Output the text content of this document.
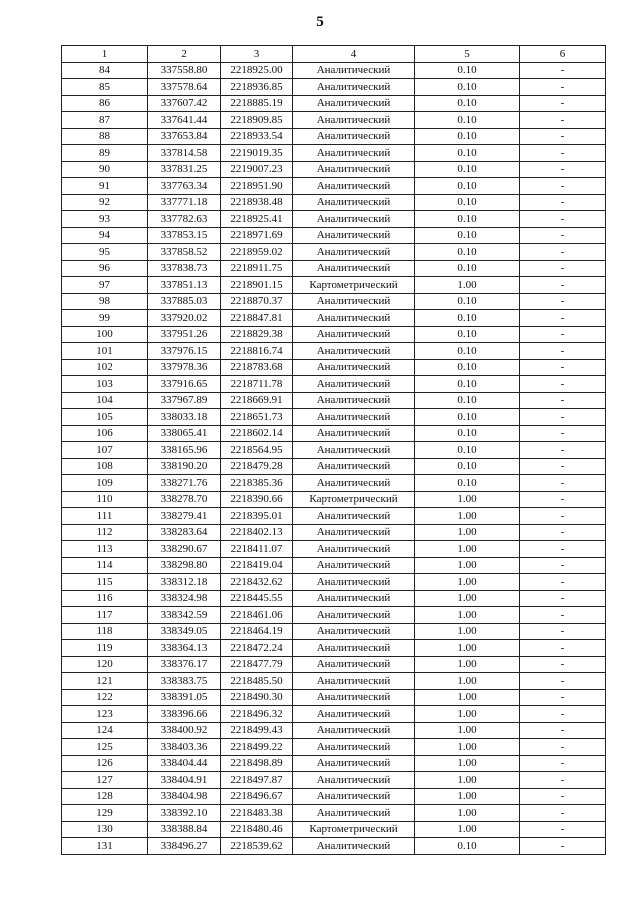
5
1	2	3	4	5	6
84	337558.80	2218925.00	Аналитический	0.10	-
85	337578.64	2218936.85	Аналитический	0.10	-
86	337607.42	2218885.19	Аналитический	0.10	-
87	337641.44	2218909.85	Аналитический	0.10	-
88	337653.84	2218933.54	Аналитический	0.10	-
89	337814.58	2219019.35	Аналитический	0.10	-
90	337831.25	2219007.23	Аналитический	0.10	-
91	337763.34	2218951.90	Аналитический	0.10	-
92	337771.18	2218938.48	Аналитический	0.10	-
93	337782.63	2218925.41	Аналитический	0.10	-
94	337853.15	2218971.69	Аналитический	0.10	-
95	337858.52	2218959.02	Аналитический	0.10	-
96	337838.73	2218911.75	Аналитический	0.10	-
97	337851.13	2218901.15	Картометрический	1.00	-
98	337885.03	2218870.37	Аналитический	0.10	-
99	337920.02	2218847.81	Аналитический	0.10	-
100	337951.26	2218829.38	Аналитический	0.10	-
101	337976.15	2218816.74	Аналитический	0.10	-
102	337978.36	2218783.68	Аналитический	0.10	-
103	337916.65	2218711.78	Аналитический	0.10	-
104	337967.89	2218669.91	Аналитический	0.10	-
105	338033.18	2218651.73	Аналитический	0.10	-
106	338065.41	2218602.14	Аналитический	0.10	-
107	338165.96	2218564.95	Аналитический	0.10	-
108	338190.20	2218479.28	Аналитический	0.10	-
109	338271.76	2218385.36	Аналитический	0.10	-
110	338278.70	2218390.66	Картометрический	1.00	-
111	338279.41	2218395.01	Аналитический	1.00	-
112	338283.64	2218402.13	Аналитический	1.00	-
113	338290.67	2218411.07	Аналитический	1.00	-
114	338298.80	2218419.04	Аналитический	1.00	-
115	338312.18	2218432.62	Аналитический	1.00	-
116	338324.98	2218445.55	Аналитический	1.00	-
117	338342.59	2218461.06	Аналитический	1.00	-
118	338349.05	2218464.19	Аналитический	1.00	-
119	338364.13	2218472.24	Аналитический	1.00	-
120	338376.17	2218477.79	Аналитический	1.00	-
121	338383.75	2218485.50	Аналитический	1.00	-
122	338391.05	2218490.30	Аналитический	1.00	-
123	338396.66	2218496.32	Аналитический	1.00	-
124	338400.92	2218499.43	Аналитический	1.00	-
125	338403.36	2218499.22	Аналитический	1.00	-
126	338404.44	2218498.89	Аналитический	1.00	-
127	338404.91	2218497.87	Аналитический	1.00	-
128	338404.98	2218496.67	Аналитический	1.00	-
129	338392.10	2218483.38	Аналитический	1.00	-
130	338388.84	2218480.46	Картометрический	1.00	-
131	338496.27	2218539.62	Аналитический	0.10	-
